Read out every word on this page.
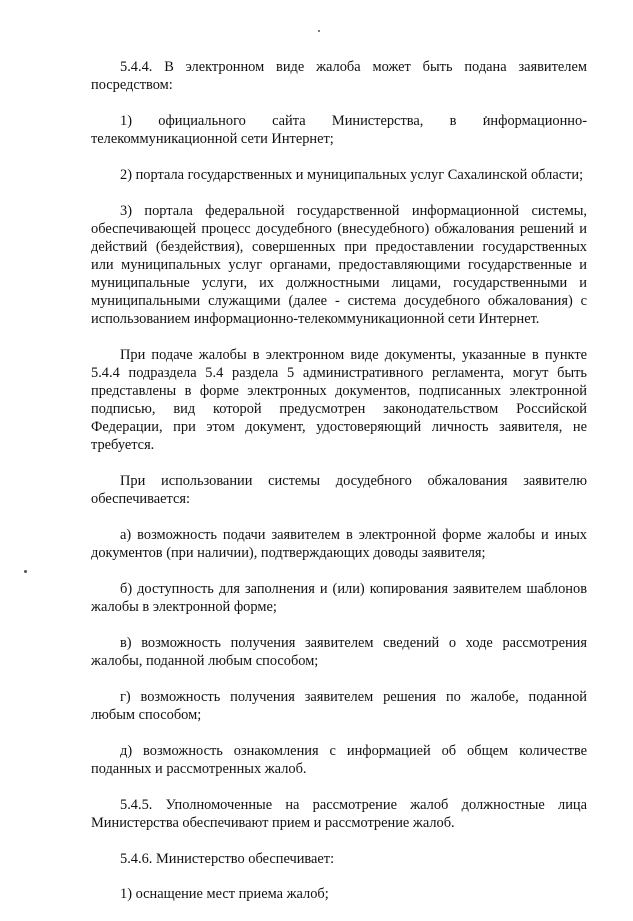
5.4.4. В электронном виде жалоба может быть подана заявителем посредством:

1) официального сайта Министерства, в информационно-телекоммуникационной сети Интернет;

2) портала государственных и муниципальных услуг Сахалинской области;

3) портала федеральной государственной информационной системы, обеспечивающей процесс досудебного (внесудебного) обжалования решений и действий (бездействия), совершенных при предоставлении государственных или муниципальных услуг органами, предоставляющими государственные и муниципальные услуги, их должностными лицами, государственными и муниципальными служащими (далее - система досудебного обжалования) с использованием информационно-телекоммуникационной сети Интернет.

При подаче жалобы в электронном виде документы, указанные в пункте 5.4.4 подраздела 5.4 раздела 5 административного регламента, могут быть представлены в форме электронных документов, подписанных электронной подписью, вид которой предусмотрен законодательством Российской Федерации, при этом документ, удостоверяющий личность заявителя, не требуется.

При использовании системы досудебного обжалования заявителю обеспечивается:

а) возможность подачи заявителем в электронной форме жалобы и иных документов (при наличии), подтверждающих доводы заявителя;

б) доступность для заполнения и (или) копирования заявителем шаблонов жалобы в электронной форме;

в) возможность получения заявителем сведений о ходе рассмотрения жалобы, поданной любым способом;

г) возможность получения заявителем решения по жалобе, поданной любым способом;

д) возможность ознакомления с информацией об общем количестве поданных и рассмотренных жалоб.

5.4.5. Уполномоченные на рассмотрение жалоб должностные лица Министерства обеспечивают прием и рассмотрение жалоб.

5.4.6. Министерство обеспечивает:

1) оснащение мест приема жалоб;
